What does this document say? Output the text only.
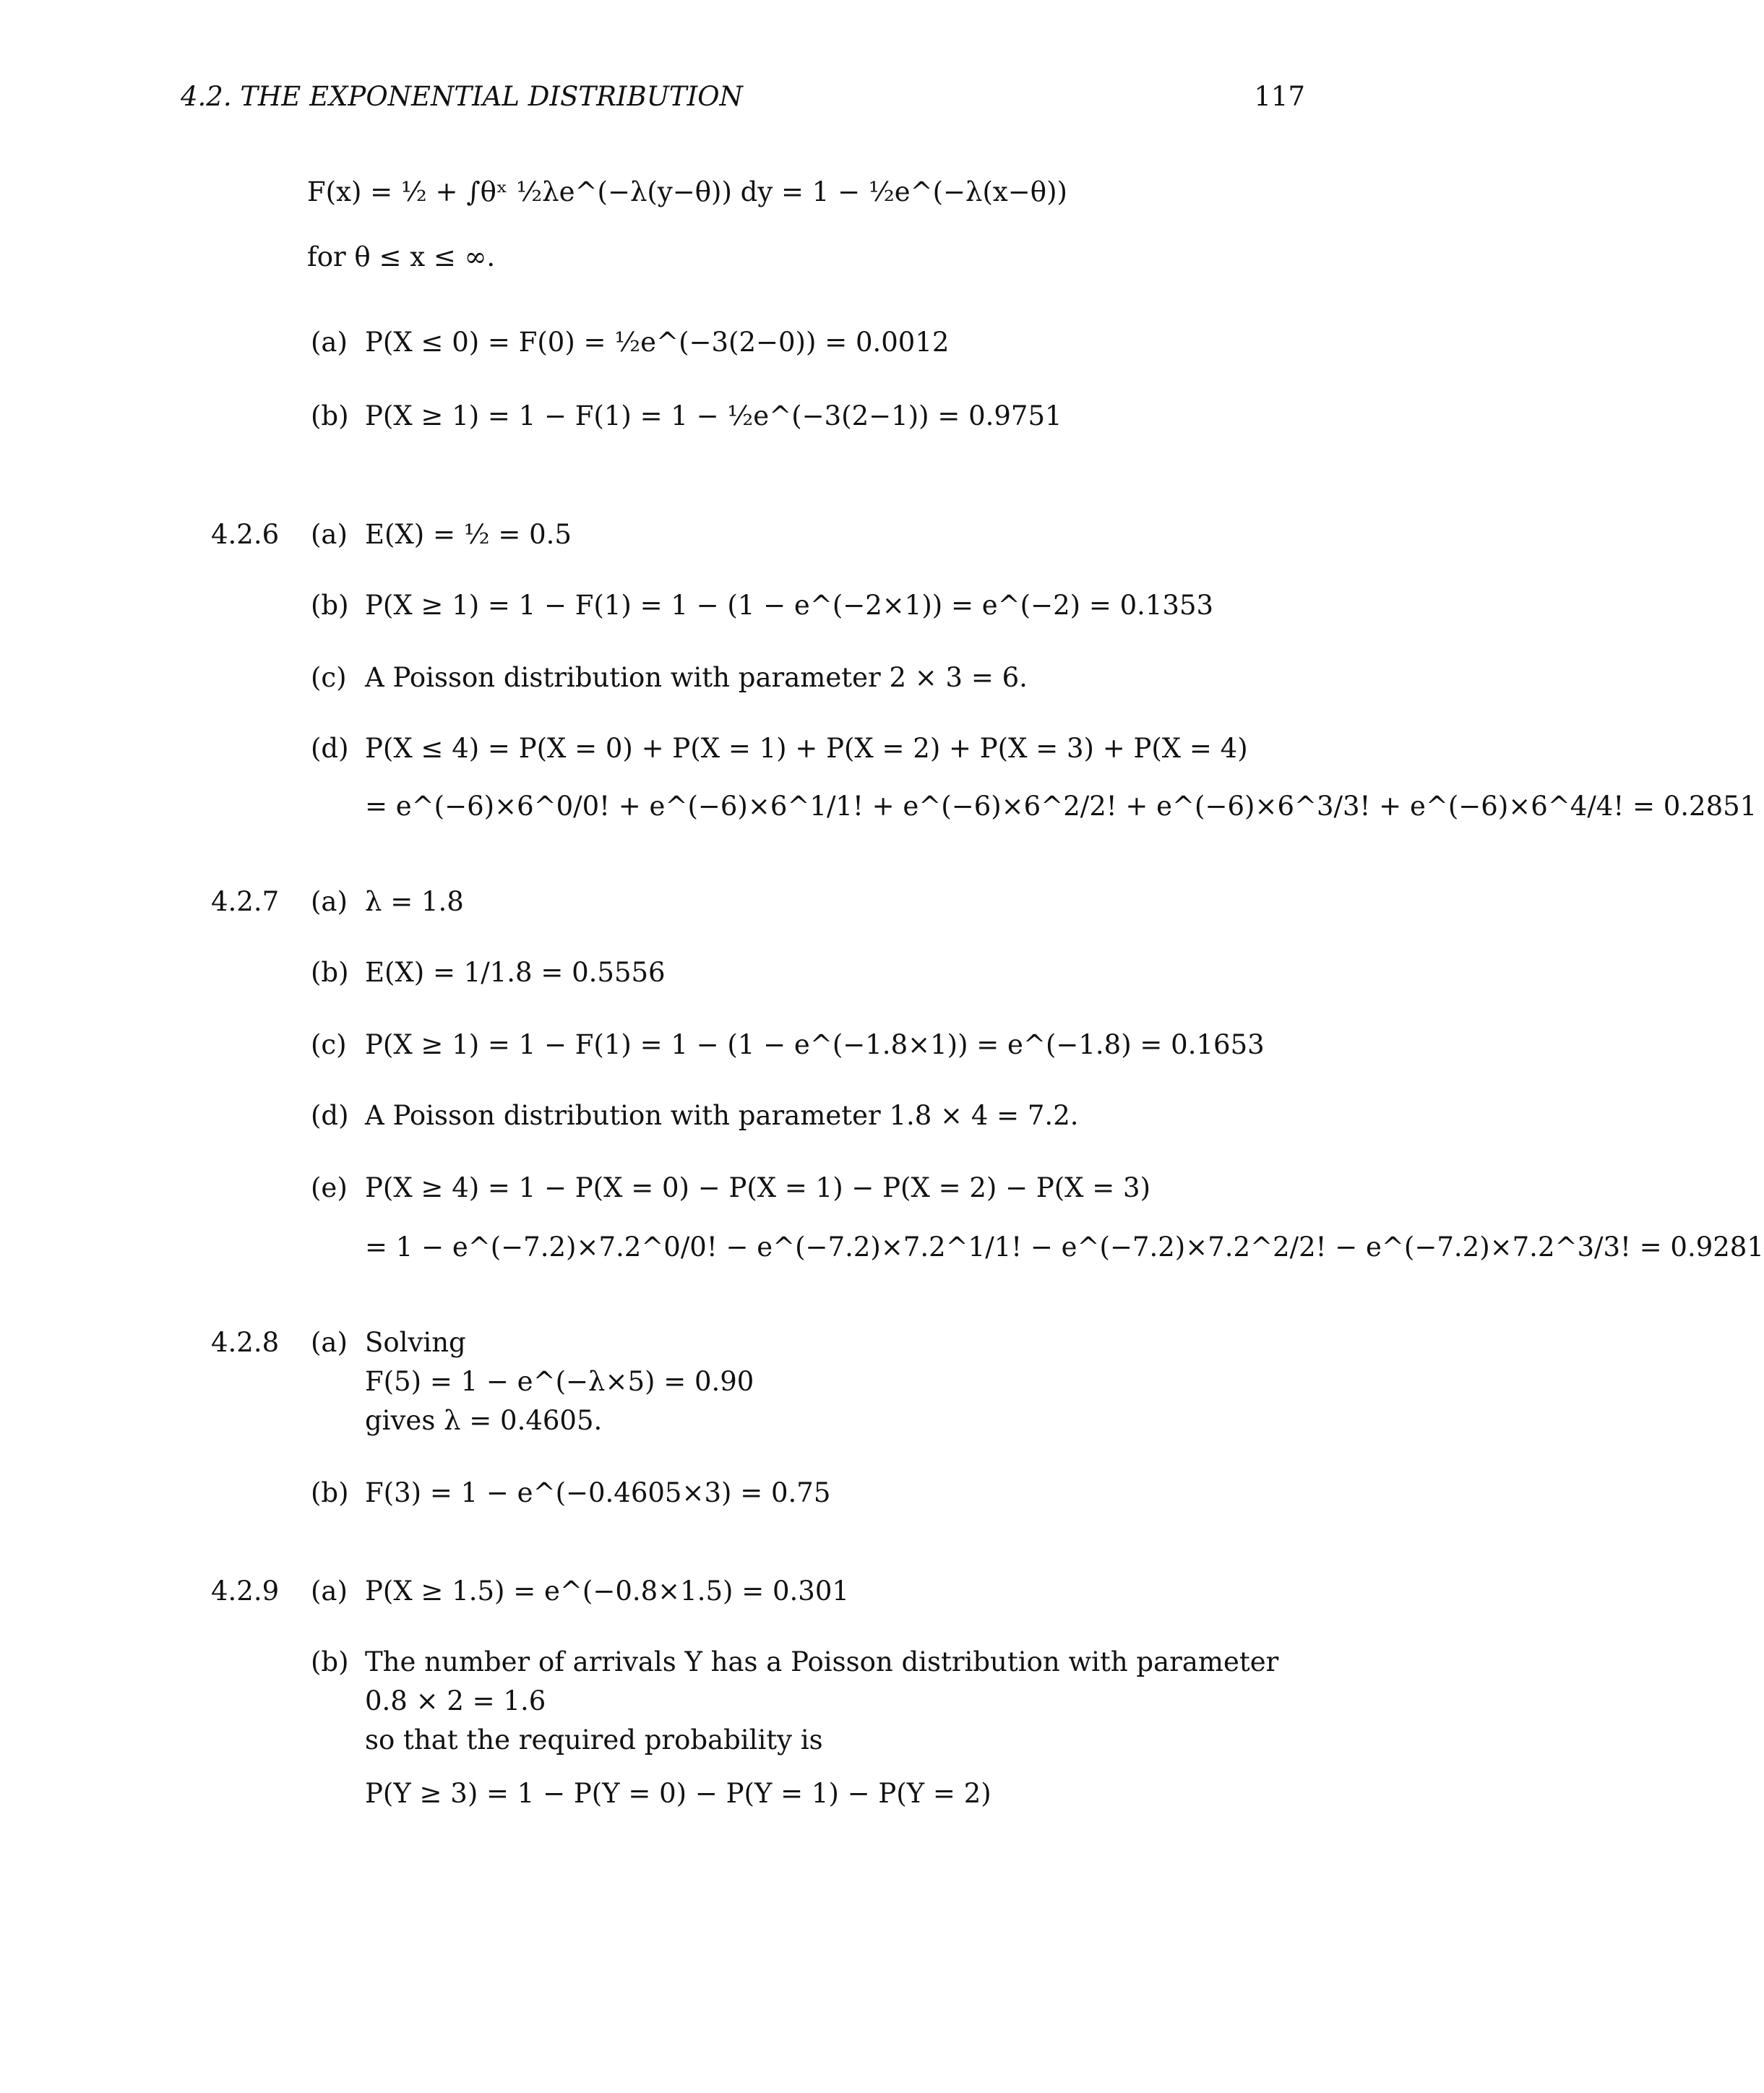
4.2. THE EXPONENTIAL DISTRIBUTION	117
F(x) = ½ + ∫θˣ ½λe^(−λ(y−θ)) dy = 1 − ½e^(−λ(x−θ))
for θ ≤ x ≤ ∞.
(a) P(X ≤ 0) = F(0) = ½e^(−3(2−0)) = 0.0012
(b) P(X ≥ 1) = 1 − F(1) = 1 − ½e^(−3(2−1)) = 0.9751
4.2.6 (a) E(X) = ½ = 0.5
(b) P(X ≥ 1) = 1 − F(1) = 1 − (1 − e^(−2×1)) = e^(−2) = 0.1353
(c) A Poisson distribution with parameter 2 × 3 = 6.
(d) P(X ≤ 4) = P(X = 0) + P(X = 1) + P(X = 2) + P(X = 3) + P(X = 4)
= e^(−6)×6^0/0! + e^(−6)×6^1/1! + e^(−6)×6^2/2! + e^(−6)×6^3/3! + e^(−6)×6^4/4! = 0.2851
4.2.7 (a) λ = 1.8
(b) E(X) = 1/1.8 = 0.5556
(c) P(X ≥ 1) = 1 − F(1) = 1 − (1 − e^(−1.8×1)) = e^(−1.8) = 0.1653
(d) A Poisson distribution with parameter 1.8 × 4 = 7.2.
(e) P(X ≥ 4) = 1 − P(X = 0) − P(X = 1) − P(X = 2) − P(X = 3)
= 1 − e^(−7.2)×7.2^0/0! − e^(−7.2)×7.2^1/1! − e^(−7.2)×7.2^2/2! − e^(−7.2)×7.2^3/3! = 0.9281
4.2.8 (a) Solving
F(5) = 1 − e^(−λ×5) = 0.90
gives λ = 0.4605.
(b) F(3) = 1 − e^(−0.4605×3) = 0.75
4.2.9 (a) P(X ≥ 1.5) = e^(−0.8×1.5) = 0.301
(b) The number of arrivals Y has a Poisson distribution with parameter
0.8 × 2 = 1.6
so that the required probability is
P(Y ≥ 3) = 1 − P(Y = 0) − P(Y = 1) − P(Y = 2)
